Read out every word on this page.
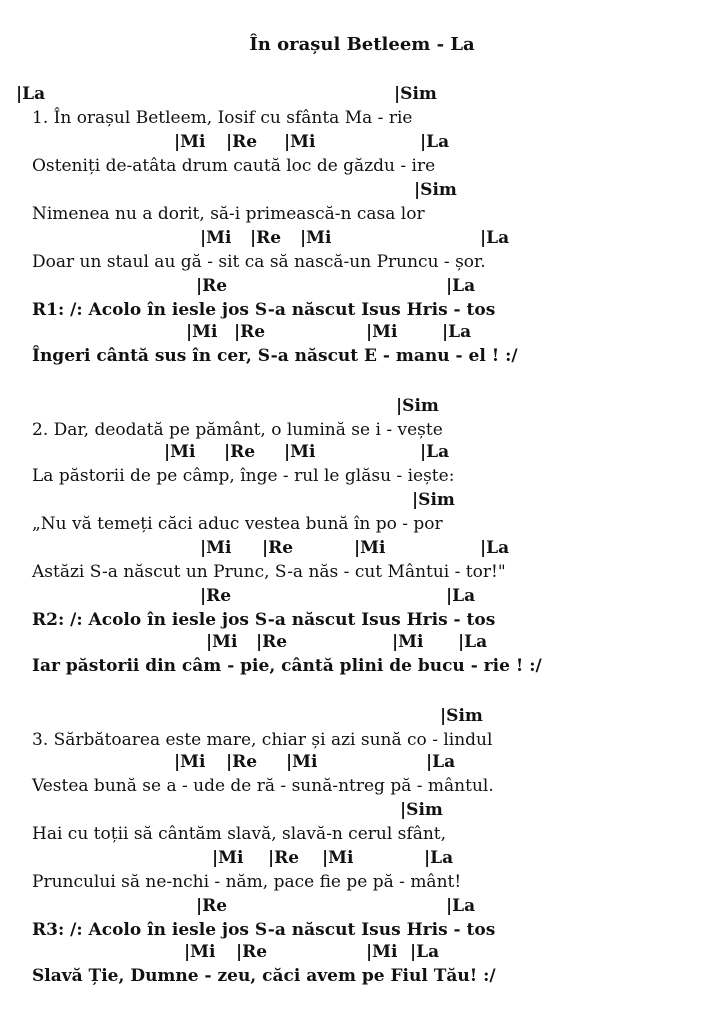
În orașul Betleem - La
|La	|Sim
1. În orașul Betleem, Iosif cu sfânta Ma - rie
|Mi |Re |Mi	|La
Osteniți de-atâta drum caută loc de găzdu - ire
|Sim
Nimenea nu a dorit, să-i primească-n casa lor
|Mi |Re |Mi	|La
Doar un staul au gă - sit ca să nască-un Pruncu - șor.
|Re	|La
R1: /: Acolo în iesle jos S-a născut Isus Hris - tos
|Mi |Re	|Mi	|La
Îngeri cântă sus în cer, S-a născut E - manu - el ! :/
|Sim
2. Dar, deodată pe pământ, o lumină se i - vește
|Mi |Re |Mi	|La
La păstorii de pe câmp, înge - rul le glăsu - iește:
|Sim
„Nu vă temeți căci aduc vestea bună în po - por
|Mi |Re	|Mi	|La
Astăzi S-a născut un Prunc, S-a năs - cut Mântui - tor!"
|Re	|La
R2: /: Acolo în iesle jos S-a născut Isus Hris - tos
|Mi |Re	|Mi |La
Iar păstorii din câm - pie, cântă plini de bucu - rie ! :/
|Sim
3. Sărbătoarea este mare, chiar și azi sună co - lindul
|Mi |Re |Mi	|La
Vestea bună se a - ude de ră - sună-ntreg pă - mântul.
|Sim
Hai cu toții să cântăm slavă, slavă-n cerul sfânt,
|Mi |Re |Mi	|La
Pruncului să ne-nchi - năm, pace fie pe pă - mânt!
|Re	|La
R3: /: Acolo în iesle jos S-a născut Isus Hris - tos
|Mi |Re	|Mi |La
Slavă Ție, Dumne - zeu, căci avem pe Fiul Tău! :/
